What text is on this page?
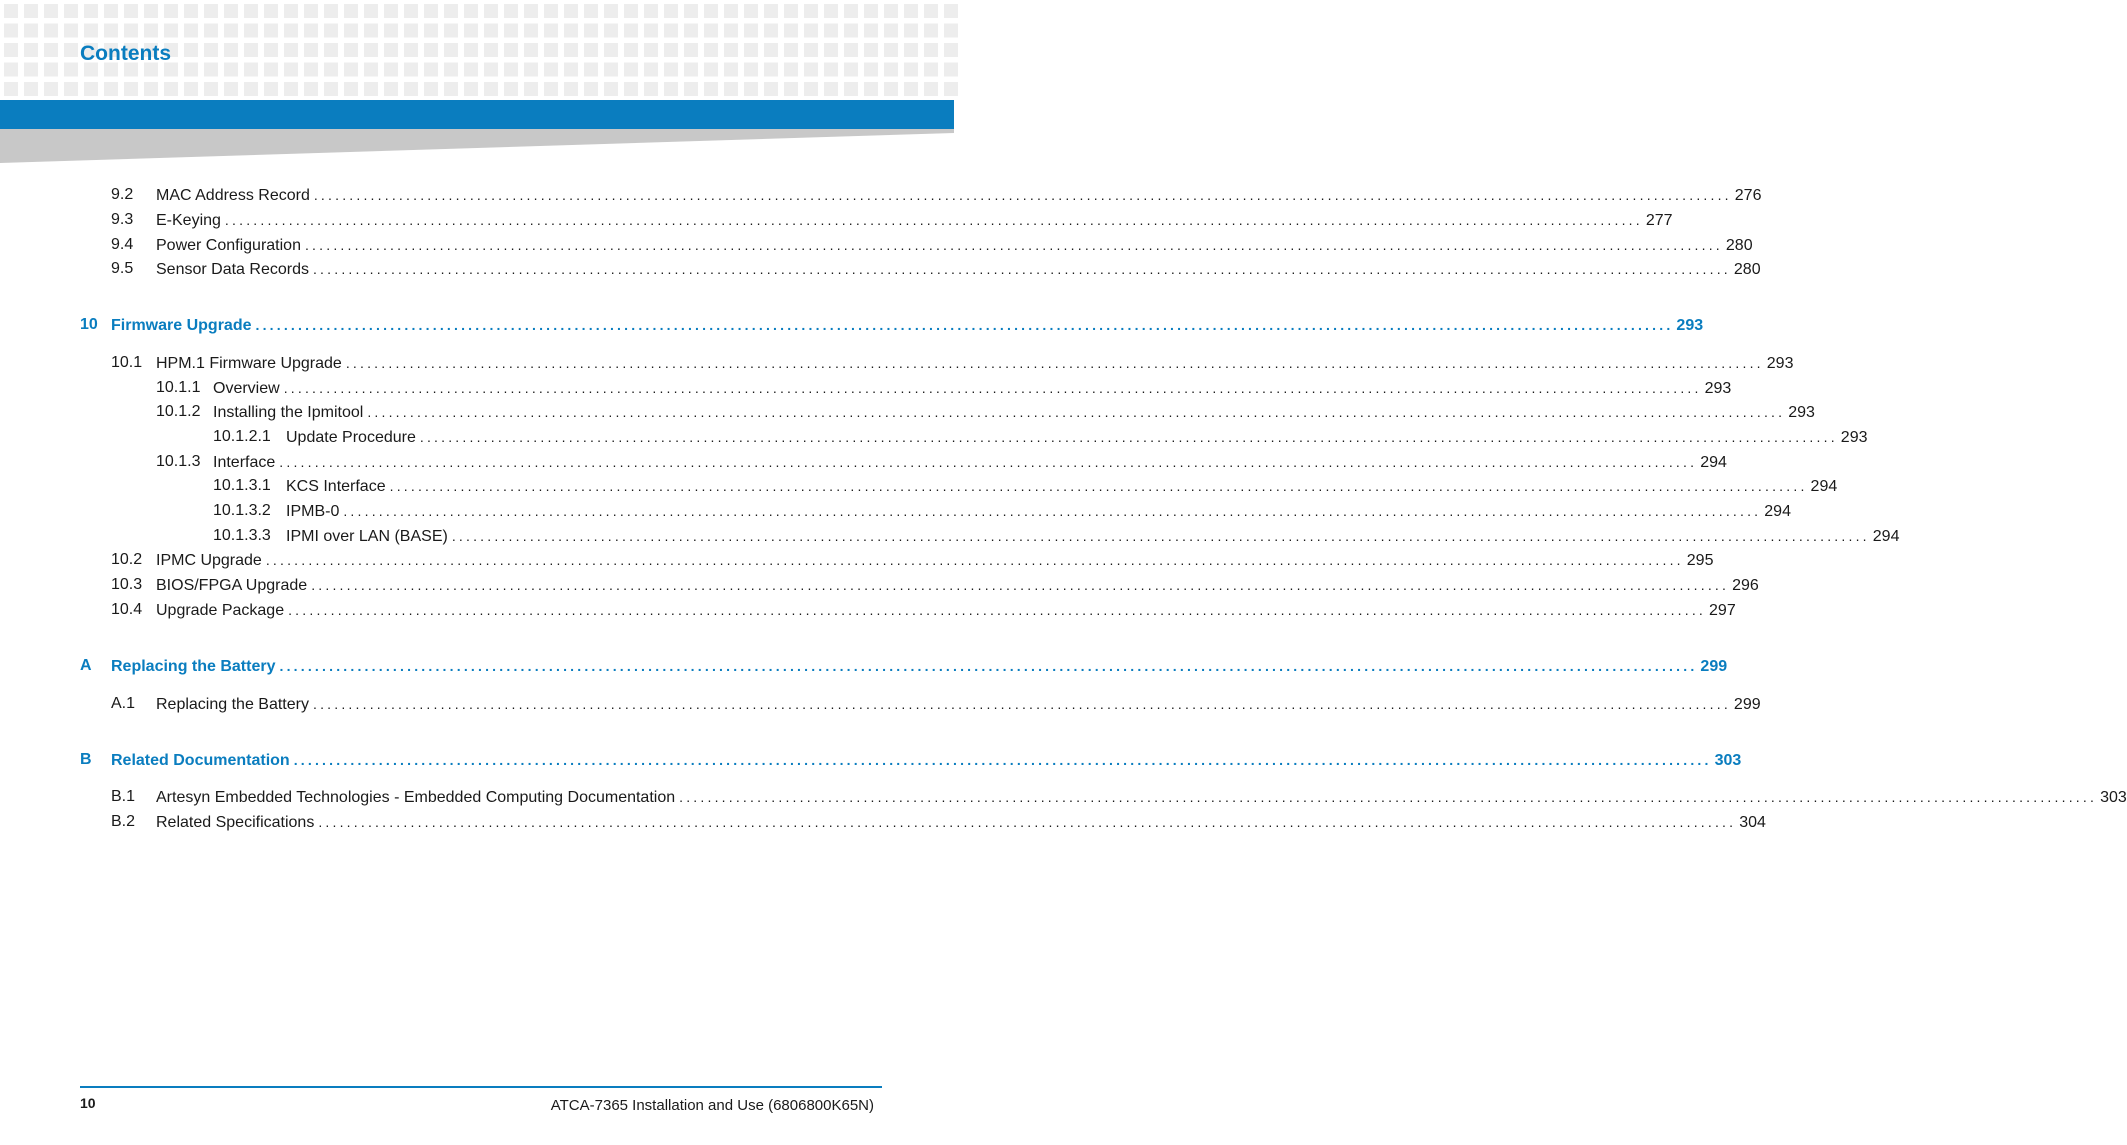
Contents
9.2 MAC Address Record ........................................................................................................................................................................................................ 276
9.3 E-Keying ........................................................................................................................................................................................................ 277
9.4 Power Configuration ........................................................................................................................................................................................................ 280
9.5 Sensor Data Records ........................................................................................................................................................................................................ 280
10 Firmware Upgrade ........................................................................................................................................................................................................ 293
10.1 HPM.1 Firmware Upgrade ........................................................................................................................................................................................................ 293
10.1.1 Overview ........................................................................................................................................................................................................ 293
10.1.2 Installing the Ipmitool ........................................................................................................................................................................................................ 293
10.1.2.1 Update Procedure ........................................................................................................................................................................................................ 293
10.1.3 Interface ........................................................................................................................................................................................................ 294
10.1.3.1 KCS Interface ........................................................................................................................................................................................................ 294
10.1.3.2 IPMB-0 ........................................................................................................................................................................................................ 294
10.1.3.3 IPMI over LAN (BASE) ........................................................................................................................................................................................................ 294
10.2 IPMC Upgrade ........................................................................................................................................................................................................ 295
10.3 BIOS/FPGA Upgrade ........................................................................................................................................................................................................ 296
10.4 Upgrade Package ........................................................................................................................................................................................................ 297
A Replacing the Battery ........................................................................................................................................................................................................ 299
A.1 Replacing the Battery ........................................................................................................................................................................................................ 299
B Related Documentation ........................................................................................................................................................................................................ 303
B.1 Artesyn Embedded Technologies - Embedded Computing Documentation ........................................................................................................................................................................................................ 303
B.2 Related Specifications ........................................................................................................................................................................................................ 304
10	ATCA-7365 Installation and Use (6806800K65N)
